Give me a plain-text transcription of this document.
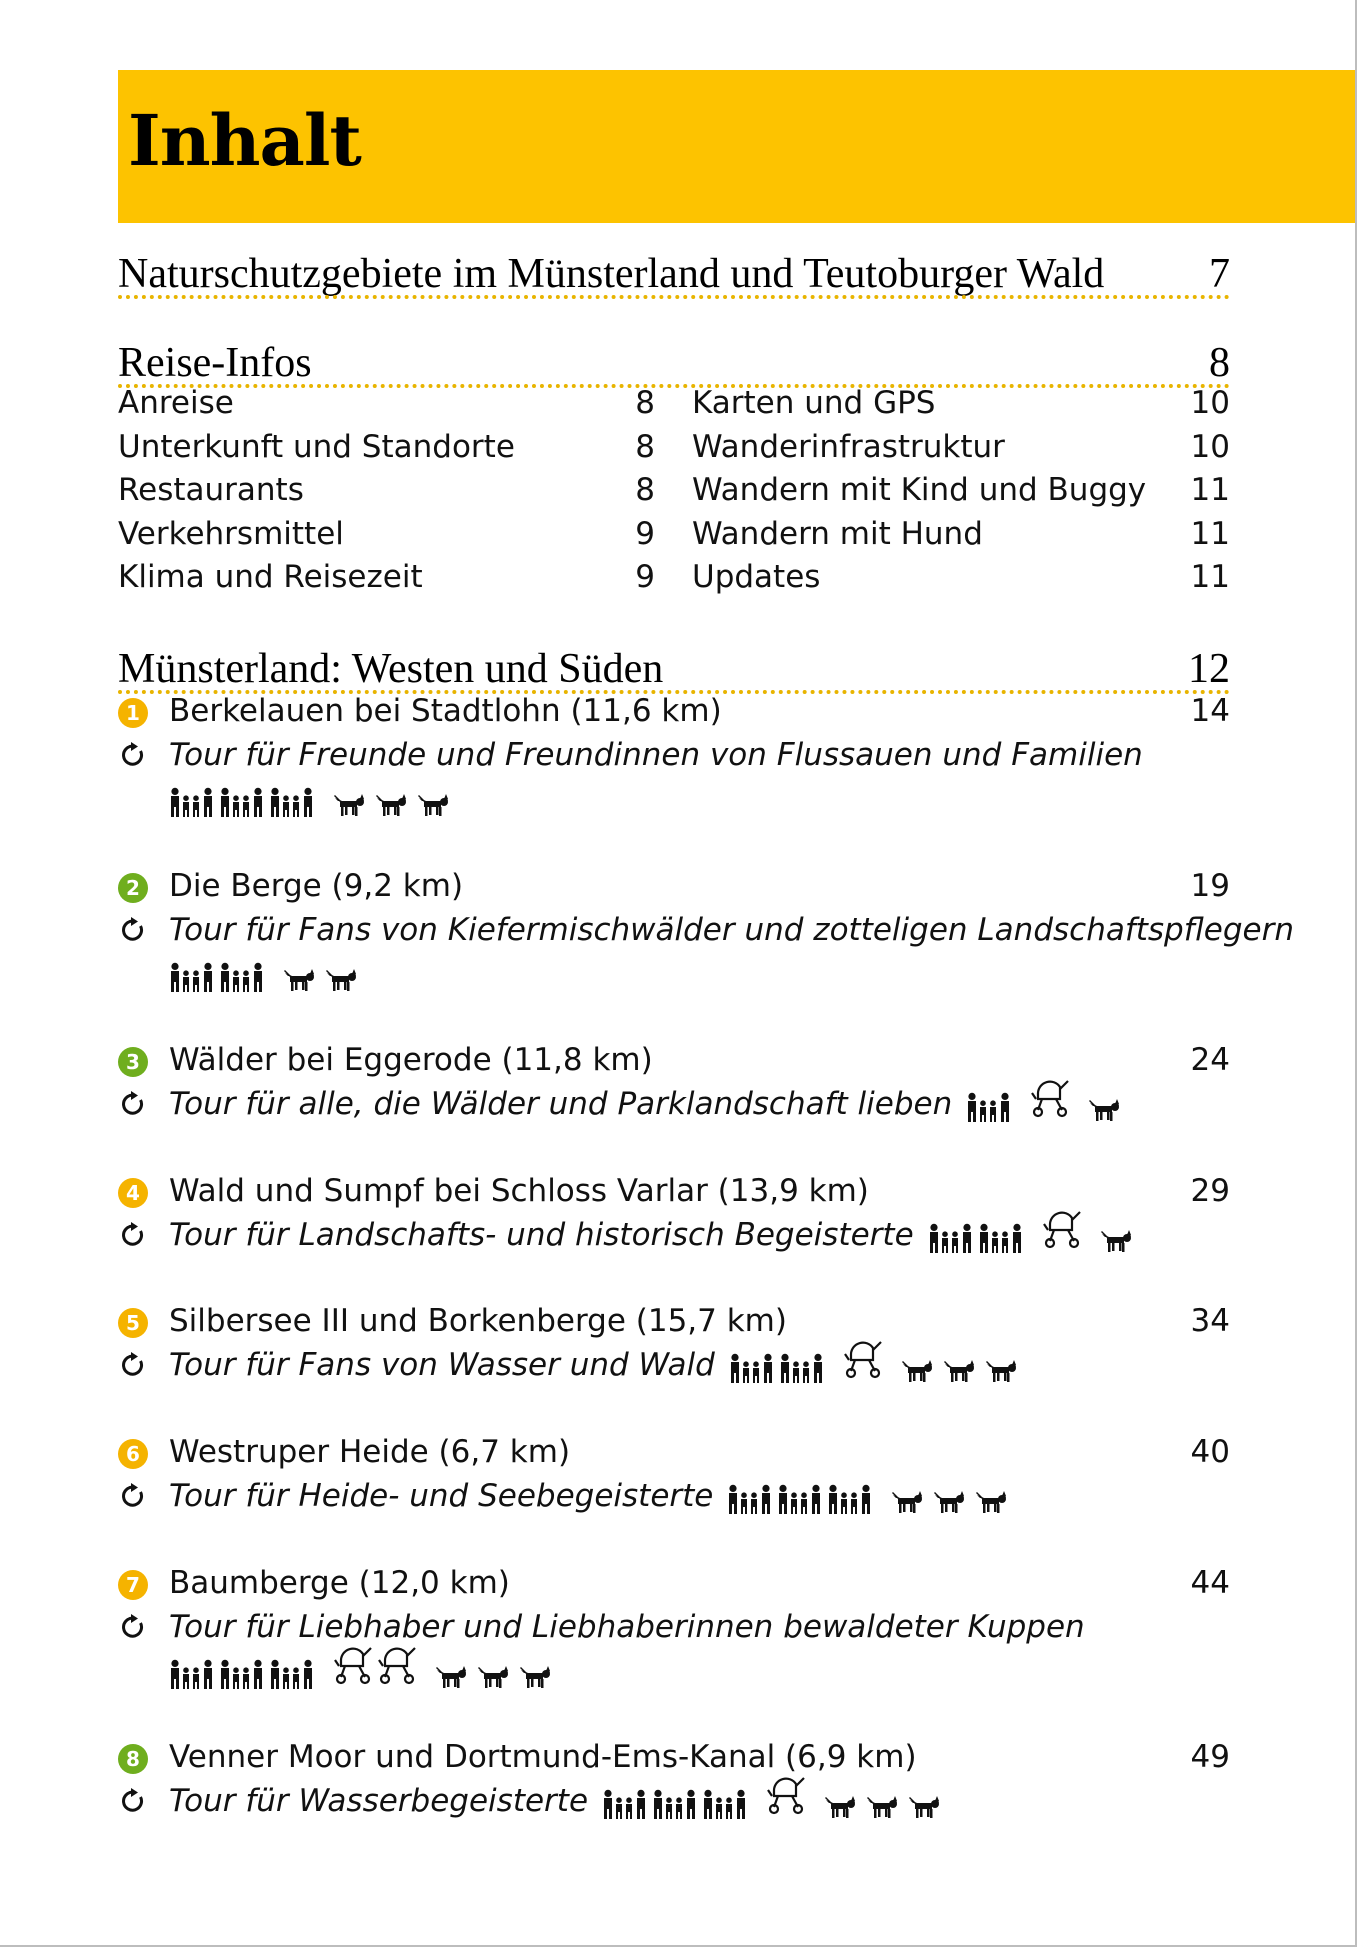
Inhalt
Naturschutzgebiete im Münsterland und Teutoburger Wald 7
Reise-Infos	8
Anreise	8
Unterkunft und Standorte	8
Restaurants	8
Verkehrsmittel	9
Klima und Reisezeit	9
Karten und GPS	10
Wanderinfrastruktur	10
Wandern mit Kind und Buggy	11
Wandern mit Hund	11
Updates	11
Münsterland: Westen und Süden	12
1 Berkelauen bei Stadtlohn (11,6 km)	14
Tour für Freunde und Freundinnen von Flussauen und Familien
2 Die Berge (9,2 km)	19
Tour für Fans von Kiefermischwälder und zotteligen Landschaftspflegern
3 Wälder bei Eggerode (11,8 km)	24
Tour für alle, die Wälder und Parklandschaft lieben
4 Wald und Sumpf bei Schloss Varlar (13,9 km)	29
Tour für Landschafts- und historisch Begeisterte
5 Silbersee III und Borkenberge (15,7 km)	34
Tour für Fans von Wasser und Wald
6 Westruper Heide (6,7 km)	40
Tour für Heide- und Seebegeisterte
7 Baumberge (12,0 km)	44
Tour für Liebhaber und Liebhaberinnen bewaldeter Kuppen
8 Venner Moor und Dortmund-Ems-Kanal (6,9 km)	49
Tour für Wasserbegeisterte
